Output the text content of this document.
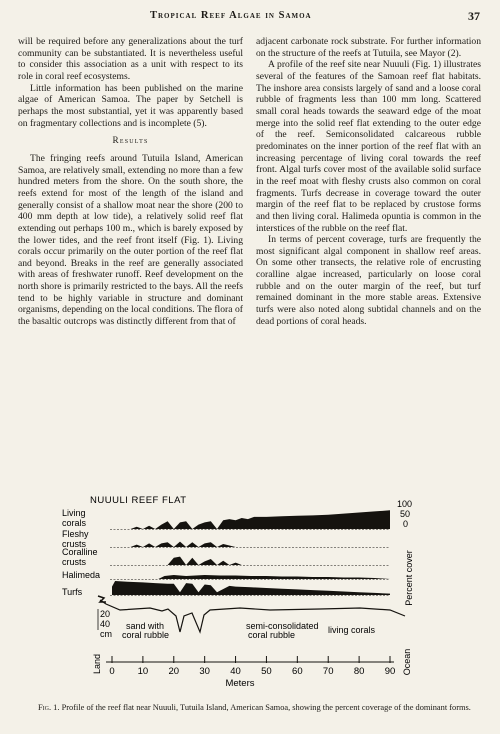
Tropical Reef Algae in Samoa	37

will be required before any generalizations about the turf community can be substantiated. It is nevertheless useful to consider this association as a unit with respect to its role in coral reef ecosystems.

Little information has been published on the marine algae of American Samoa. The paper by Setchell is perhaps the most substantial, yet it was apparently based on fragmentary collections and is incomplete (5).

Results

The fringing reefs around Tutuila Island, American Samoa, are relatively small, extending no more than a few hundred meters from the shore. On the south shore, the reefs extend for most of the length of the island and generally consist of a shallow moat near the shore (200 to 400 mm depth at low tide), a relatively solid reef flat extending out perhaps 100 m., which is barely exposed by the lower tides, and the reef front itself (Fig. 1). Living corals occur primarily on the outer portion of the reef flat and beyond. Breaks in the reef are generally associated with areas of freshwater runoff. Reef development on the north shore is primarily restricted to the bays. All the reefs tend to be highly variable in structure and dominant organisms, depending on the local conditions. The flora of the basaltic outcrops was distinctly different from that of

adjacent carbonate rock substrate. For further information on the structure of the reefs at Tutuila, see Mayor (2).

A profile of the reef site near Nuuuli (Fig. 1) illustrates several of the features of the Samoan reef flat habitats. The inshore area consists largely of sand and a loose coral rubble of fragments less than 100 mm long. Scattered small coral heads towards the seaward edge of the moat merge into the solid reef flat extending to the outer edge of the reef. Semiconsolidated calcareous rubble predominates on the inner portion of the reef flat with an increasing percentage of living coral towards the reef front. Algal turfs cover most of the available solid surface in the reef moat with fleshy crusts also common on coral fragments. Turfs decrease in coverage toward the outer margin of the reef flat to be replaced by crustose forms and then living coral. Halimeda opuntia is common in the interstices of the rubble on the reef flat.

In terms of percent coverage, turfs are frequently the most significant algal component in shallow reef areas. On some other transects, the relative role of encrusting coralline algae increased, particularly on loose coral rubble and on the outer margin of the reef, but turf remained dominant in the more stable areas. Extensive turfs were also noted along subtidal channels and on the dead portions of coral heads.

NUUULI REEF FLAT
Living
corals
Fleshy
crusts
Coralline
crusts
Halimeda
Turfs
100
50
0
Percent cover
20
40
cm
sand with
coral rubble
semi-consolidated
coral rubble	living corals
0 10 20 30 40 50 60 70 80 90
Meters
Land	Ocean
Fig. 1. Profile of the reef flat near Nuuuli, Tutuila Island, American Samoa, showing the percent coverage of the dominant forms.
